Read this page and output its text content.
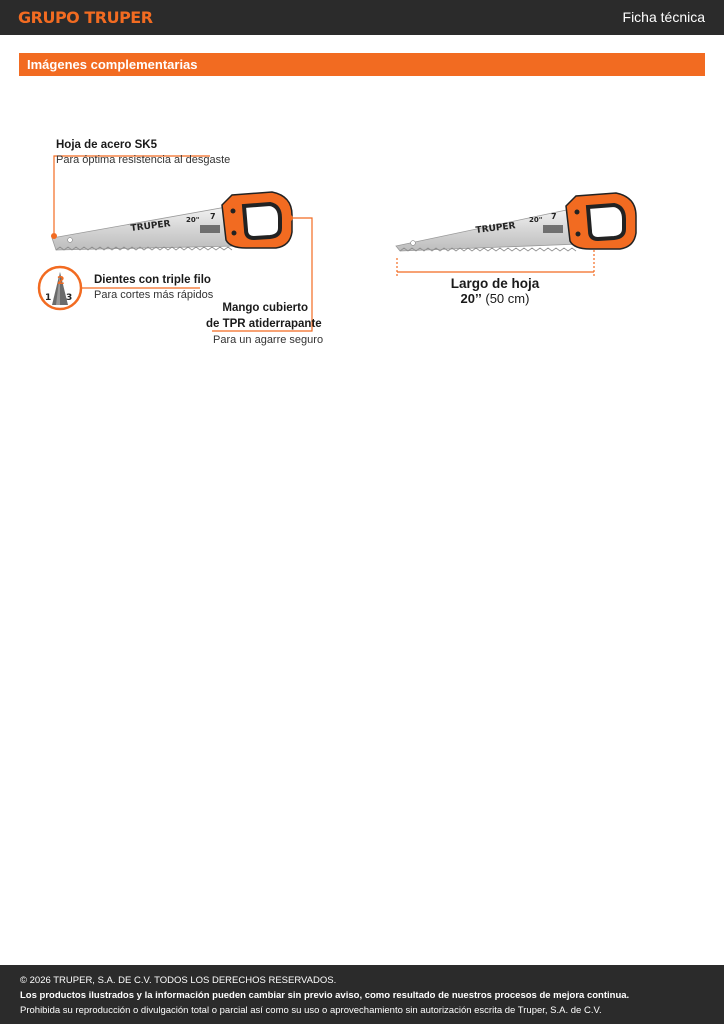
GRUPO TRUPER	Ficha técnica
Imágenes complementarias
TRUPER 20" 7
1
2
3
TRUPER
20" 7
Hoja de acero SK5
Para óptima resistencia al desgaste
Dientes con triple filo
Para cortes más rápidos
Mango cubierto
de TPR atiderrapante
Para un agarre seguro
Largo de hoja
20’’ (50 cm)
© 2026 TRUPER, S.A. DE C.V. TODOS LOS DERECHOS RESERVADOS.
Los productos ilustrados y la información pueden cambiar sin previo aviso, como resultado de nuestros procesos de mejora continua.
Prohibida su reproducción o divulgación total o parcial así como su uso o aprovechamiento sin autorización escrita de Truper, S.A. de C.V.
